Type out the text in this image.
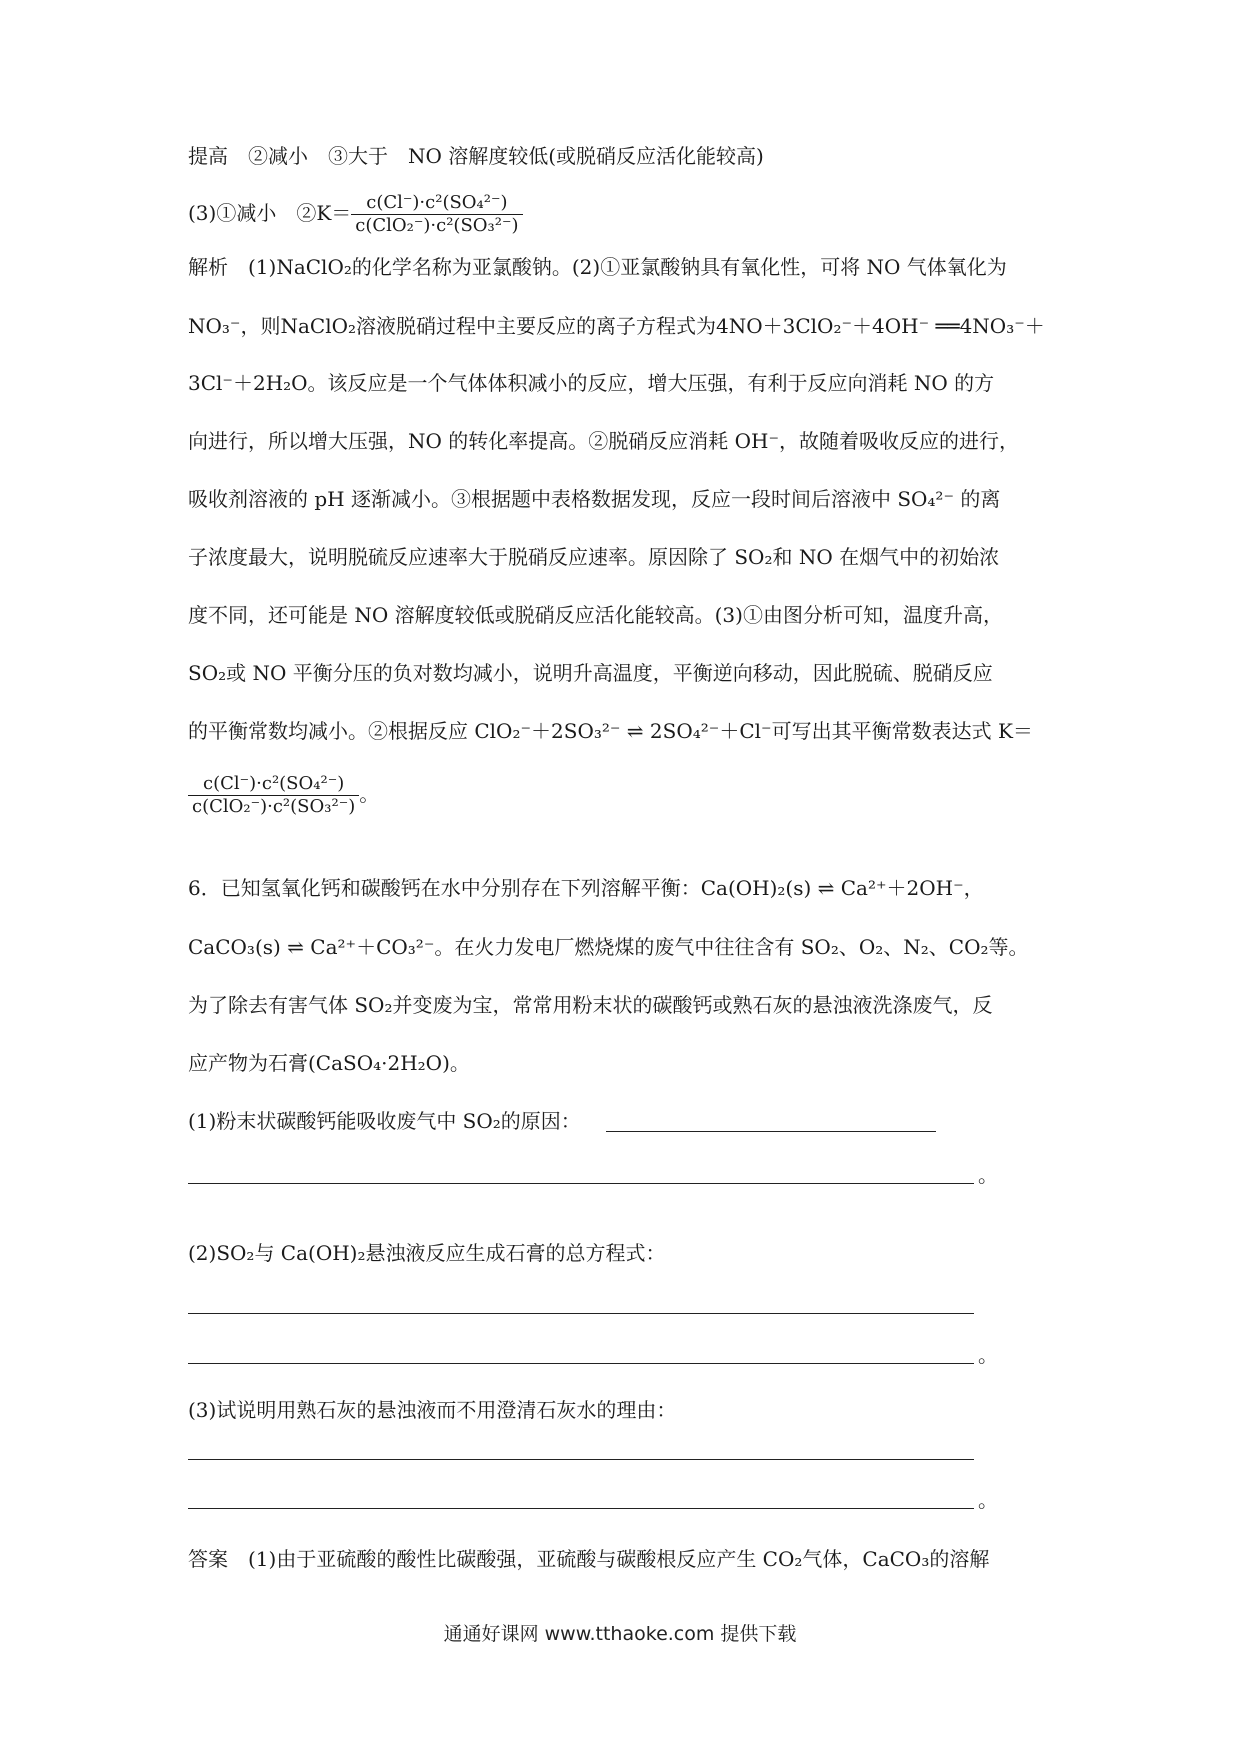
提高　②减小　③大于　NO 溶解度较低(或脱硝反应活化能较高)
(3)①减小　②K＝ $\frac{\text{c(Cl⁻)·c²(SO₄²⁻)}}{\text{c(ClO₂⁻)·c²(SO₃²⁻)}}$
解析　(1)NaClO₂的化学名称为亚氯酸钠。(2)①亚氯酸钠具有氧化性，可将 NO 气体氧化为
NO₃⁻，则NaClO₂溶液脱硝过程中主要反应的离子方程式为4NO＋3ClO₂⁻＋4OH⁻ ══4NO₃⁻＋
3Cl⁻＋2H₂O。该反应是一个气体体积减小的反应，增大压强，有利于反应向消耗 NO 的方
向进行，所以增大压强，NO 的转化率提高。②脱硝反应消耗 OH⁻，故随着吸收反应的进行，
吸收剂溶液的 pH 逐渐减小。③根据题中表格数据发现，反应一段时间后溶液中 SO₄²⁻ 的离
子浓度最大，说明脱硫反应速率大于脱硝反应速率。原因除了 SO₂和 NO 在烟气中的初始浓
度不同，还可能是 NO 溶解度较低或脱硝反应活化能较高。(3)①由图分析可知，温度升高，
SO₂或 NO 平衡分压的负对数均减小，说明升高温度，平衡逆向移动，因此脱硫、脱硝反应
的平衡常数均减小。②根据反应 ClO₂⁻＋2SO₃²⁻ ⇌ 2SO₄²⁻＋Cl⁻可写出其平衡常数表达式 K＝
$\frac{\text{c(Cl⁻)·c²(SO₄²⁻)}}{\text{c(ClO₂⁻)·c²(SO₃²⁻)}}$ 。
6．已知氢氧化钙和碳酸钙在水中分别存在下列溶解平衡：Ca(OH)₂(s) ⇌ Ca²⁺＋2OH⁻，
CaCO₃(s) ⇌ Ca²⁺＋CO₃²⁻。在火力发电厂燃烧煤的废气中往往含有 SO₂、O₂、N₂、CO₂等。
为了除去有害气体 SO₂并变废为宝，常常用粉末状的碳酸钙或熟石灰的悬浊液洗涤废气，反
应产物为石膏(CaSO₄·2H₂O)。
(1)粉末状碳酸钙能吸收废气中 SO₂的原因：
。
(2)SO₂与 Ca(OH)₂悬浊液反应生成石膏的总方程式：
。
(3)试说明用熟石灰的悬浊液而不用澄清石灰水的理由：
。
答案　(1)由于亚硫酸的酸性比碳酸强，亚硫酸与碳酸根反应产生 CO₂气体，CaCO₃的溶解
通通好课网 www.tthaoke.com 提供下载
